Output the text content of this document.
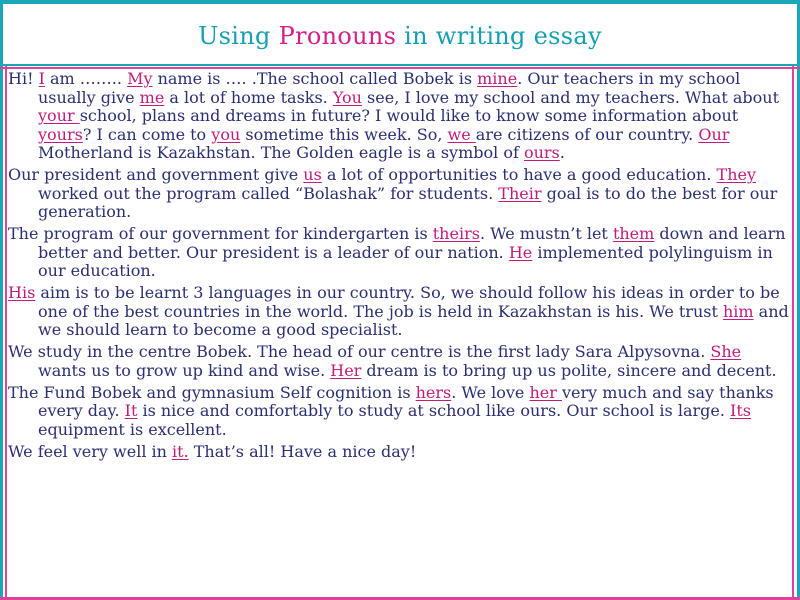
Using Pronouns in writing essay

Hi! I am …….. My name is …. .The school called Bobek is mine. Our teachers in my school usually give me a lot of home tasks. You see, I love my school and my teachers. What about your school, plans and dreams in future? I would like to know some information about yours? I can come to you sometime this week. So, we are citizens of our country. Our Motherland is Kazakhstan. The Golden eagle is a symbol of ours.

Our president and government give us a lot of opportunities to have a good education. They worked out the program called “Bolashak” for students. Their goal is to do the best for our generation.

The program of our government for kindergarten is theirs. We mustn’t let them down and learn better and better. Our president is a leader of our nation. He implemented polylinguism in our education.

His aim is to be learnt 3 languages in our country. So, we should follow his ideas in order to be one of the best countries in the world. The job is held in Kazakhstan is his. We trust him and we should learn to become a good specialist.

We study in the centre Bobek. The head of our centre is the first lady Sara Alpysovna. She wants us to grow up kind and wise. Her dream is to bring up us polite, sincere and decent.

The Fund Bobek and gymnasium Self cognition is hers. We love her very much and say thanks every day. It is nice and comfortably to study at school like ours. Our school is large. Its equipment is excellent.

We feel very well in it. That’s all! Have a nice day!
